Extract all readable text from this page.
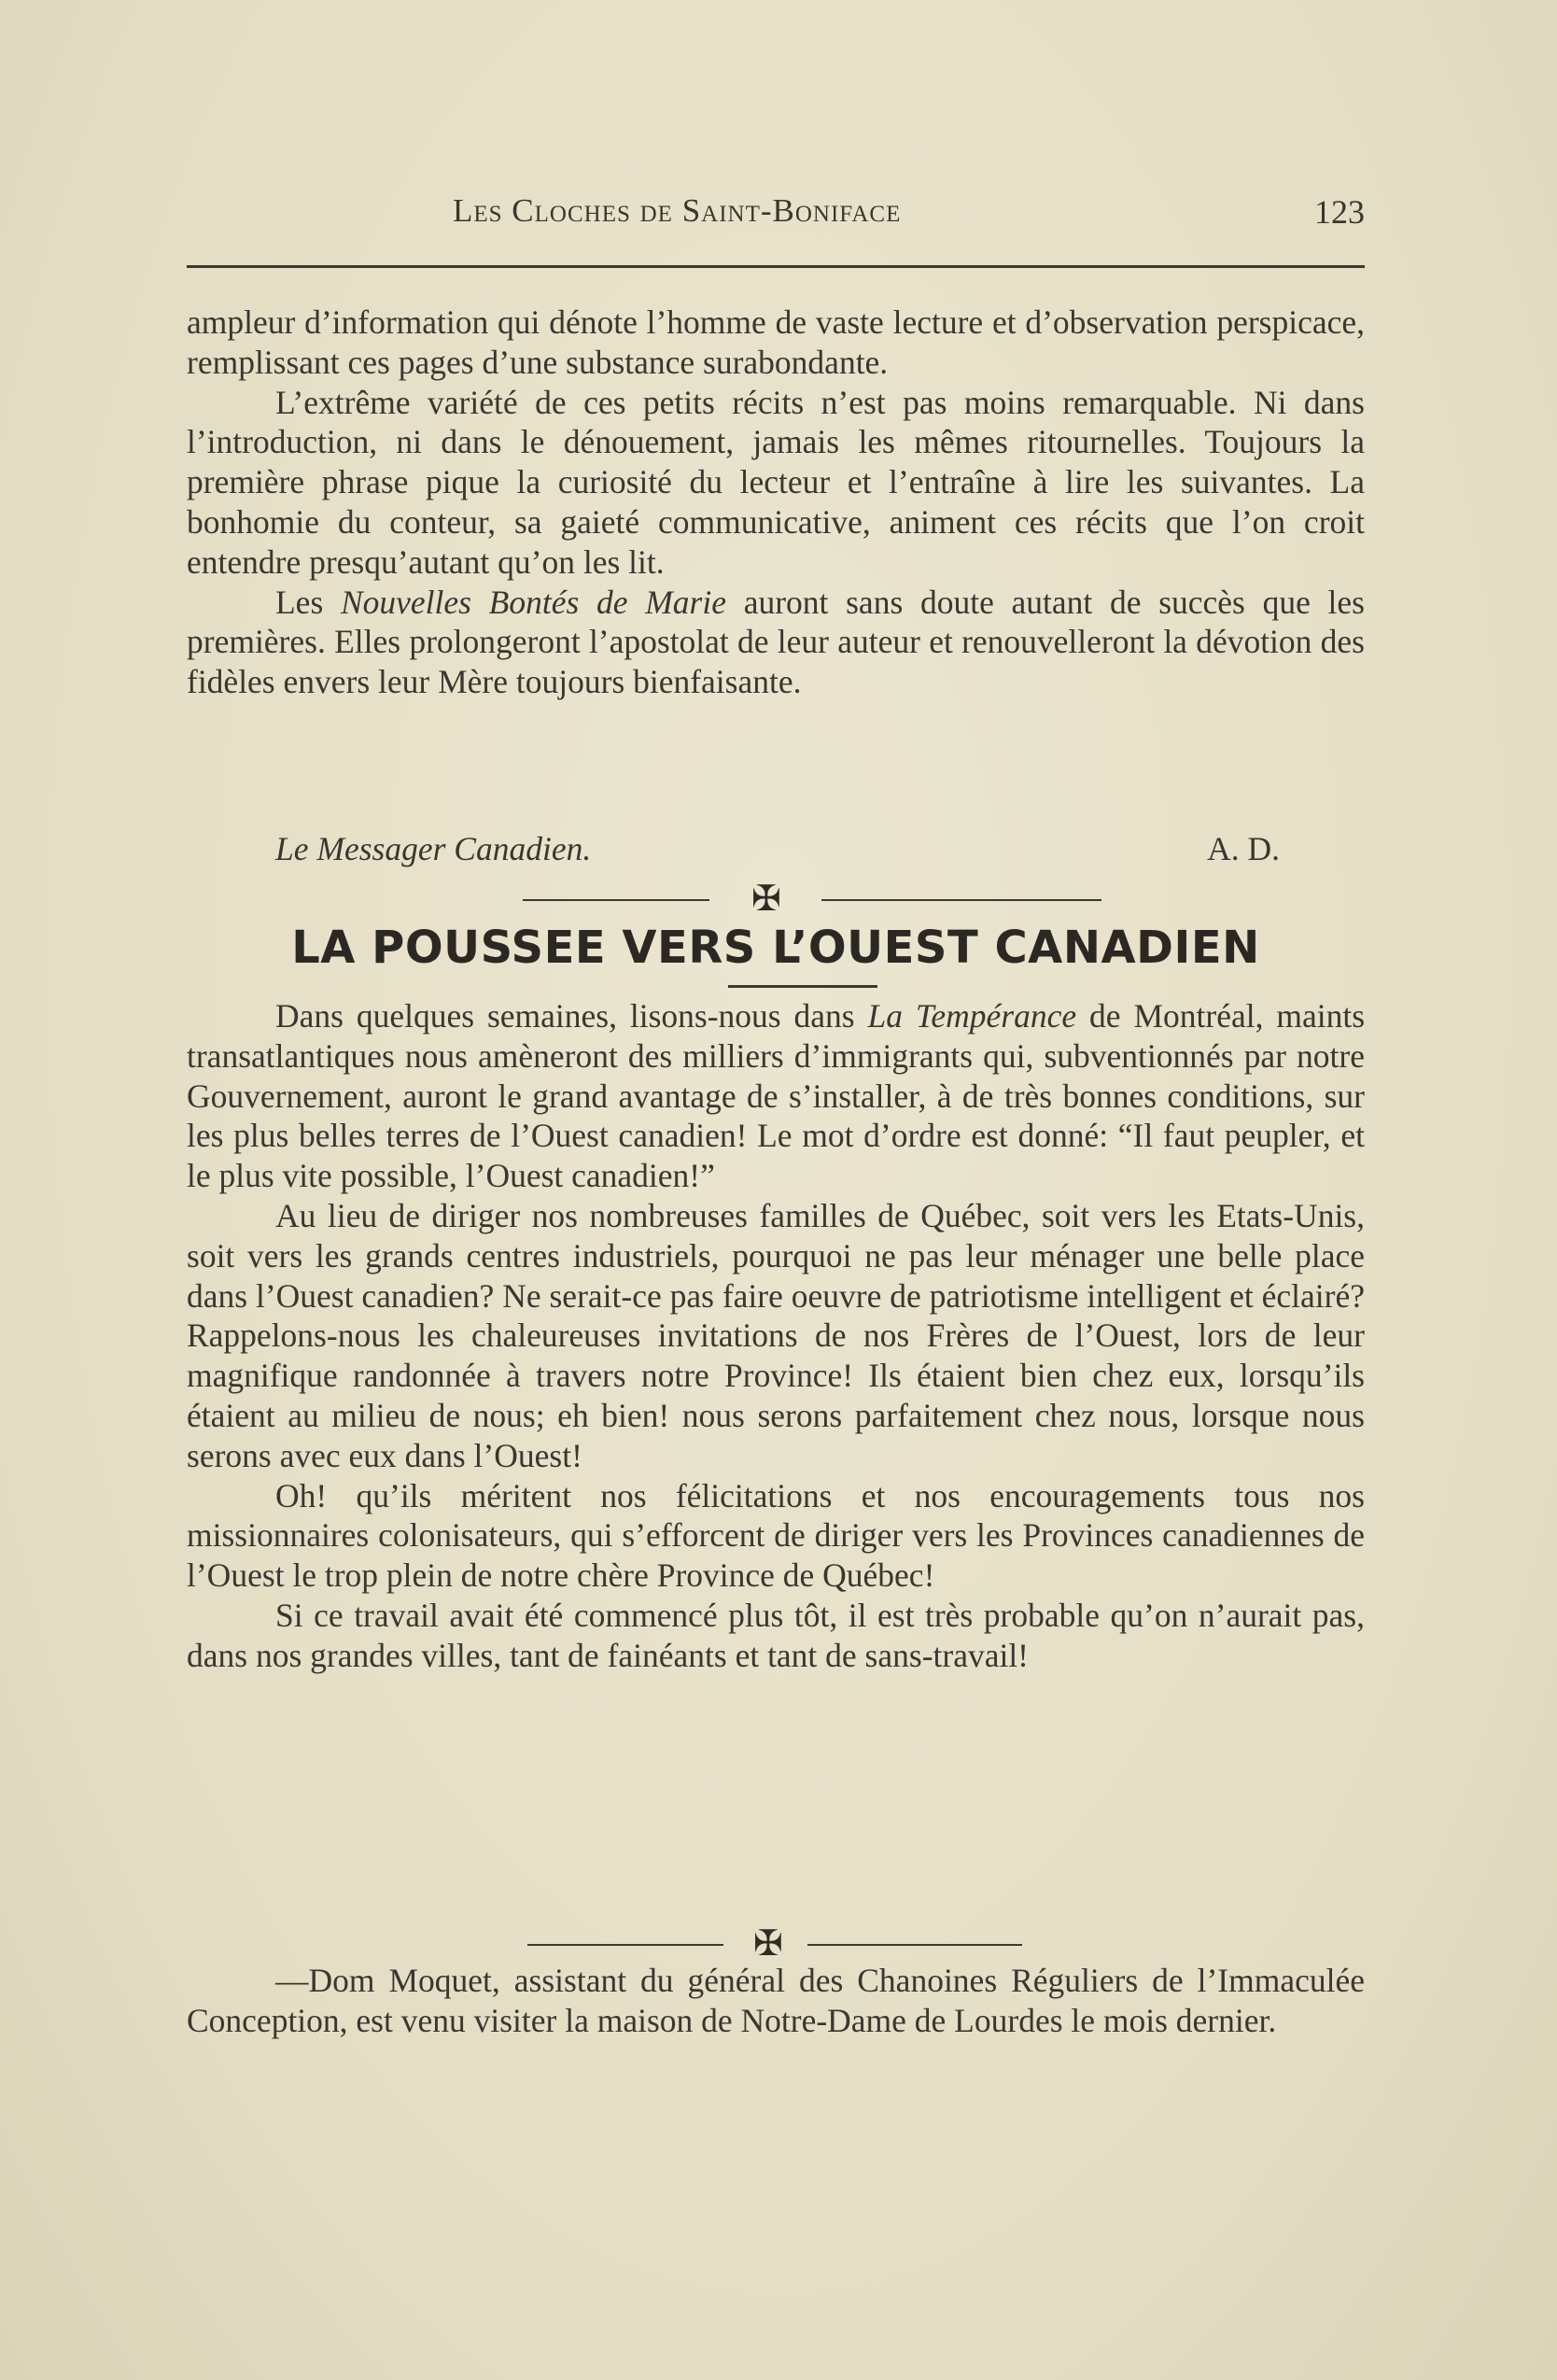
Les Cloches de Saint-Boniface	123

ampleur d’information qui dénote l’homme de vaste lecture et d’observation perspicace, remplissant ces pages d’une substance surabondante.

L’extrême variété de ces petits récits n’est pas moins remarquable. Ni dans l’introduction, ni dans le dénouement, jamais les mêmes ritournelles. Toujours la première phrase pique la curiosité du lecteur et l’entraîne à lire les suivantes. La bonhomie du conteur, sa gaieté communicative, animent ces récits que l’on croit entendre presqu’autant qu’on les lit.

Les Nouvelles Bontés de Marie auront sans doute autant de succès que les premières. Elles prolongeront l’apostolat de leur auteur et renouvelleront la dévotion des fidèles envers leur Mère toujours bienfaisante.

Le Messager Canadien.	A. D.
✠
LA POUSSEE VERS L’OUEST CANADIEN

Dans quelques semaines, lisons-nous dans La Tempérance de Montréal, maints transatlantiques nous amèneront des milliers d’immigrants qui, subventionnés par notre Gouvernement, auront le grand avantage de s’installer, à de très bonnes conditions, sur les plus belles terres de l’Ouest canadien! Le mot d’ordre est donné: “Il faut peupler, et le plus vite possible, l’Ouest canadien!”

Au lieu de diriger nos nombreuses familles de Québec, soit vers les Etats-Unis, soit vers les grands centres industriels, pourquoi ne pas leur ménager une belle place dans l’Ouest canadien? Ne serait-ce pas faire oeuvre de patriotisme intelligent et éclairé? Rappelons-nous les chaleureuses invitations de nos Frères de l’Ouest, lors de leur magnifique randonnée à travers notre Province! Ils étaient bien chez eux, lorsqu’ils étaient au milieu de nous; eh bien! nous serons parfaitement chez nous, lorsque nous serons avec eux dans l’Ouest!

Oh! qu’ils méritent nos félicitations et nos encouragements tous nos missionnaires colonisateurs, qui s’efforcent de diriger vers les Provinces canadiennes de l’Ouest le trop plein de notre chère Province de Québec!

Si ce travail avait été commencé plus tôt, il est très probable qu’on n’aurait pas, dans nos grandes villes, tant de fainéants et tant de sans-travail!

✠

—Dom Moquet, assistant du général des Chanoines Réguliers de l’Immaculée Conception, est venu visiter la maison de Notre-Dame de Lourdes le mois dernier.
